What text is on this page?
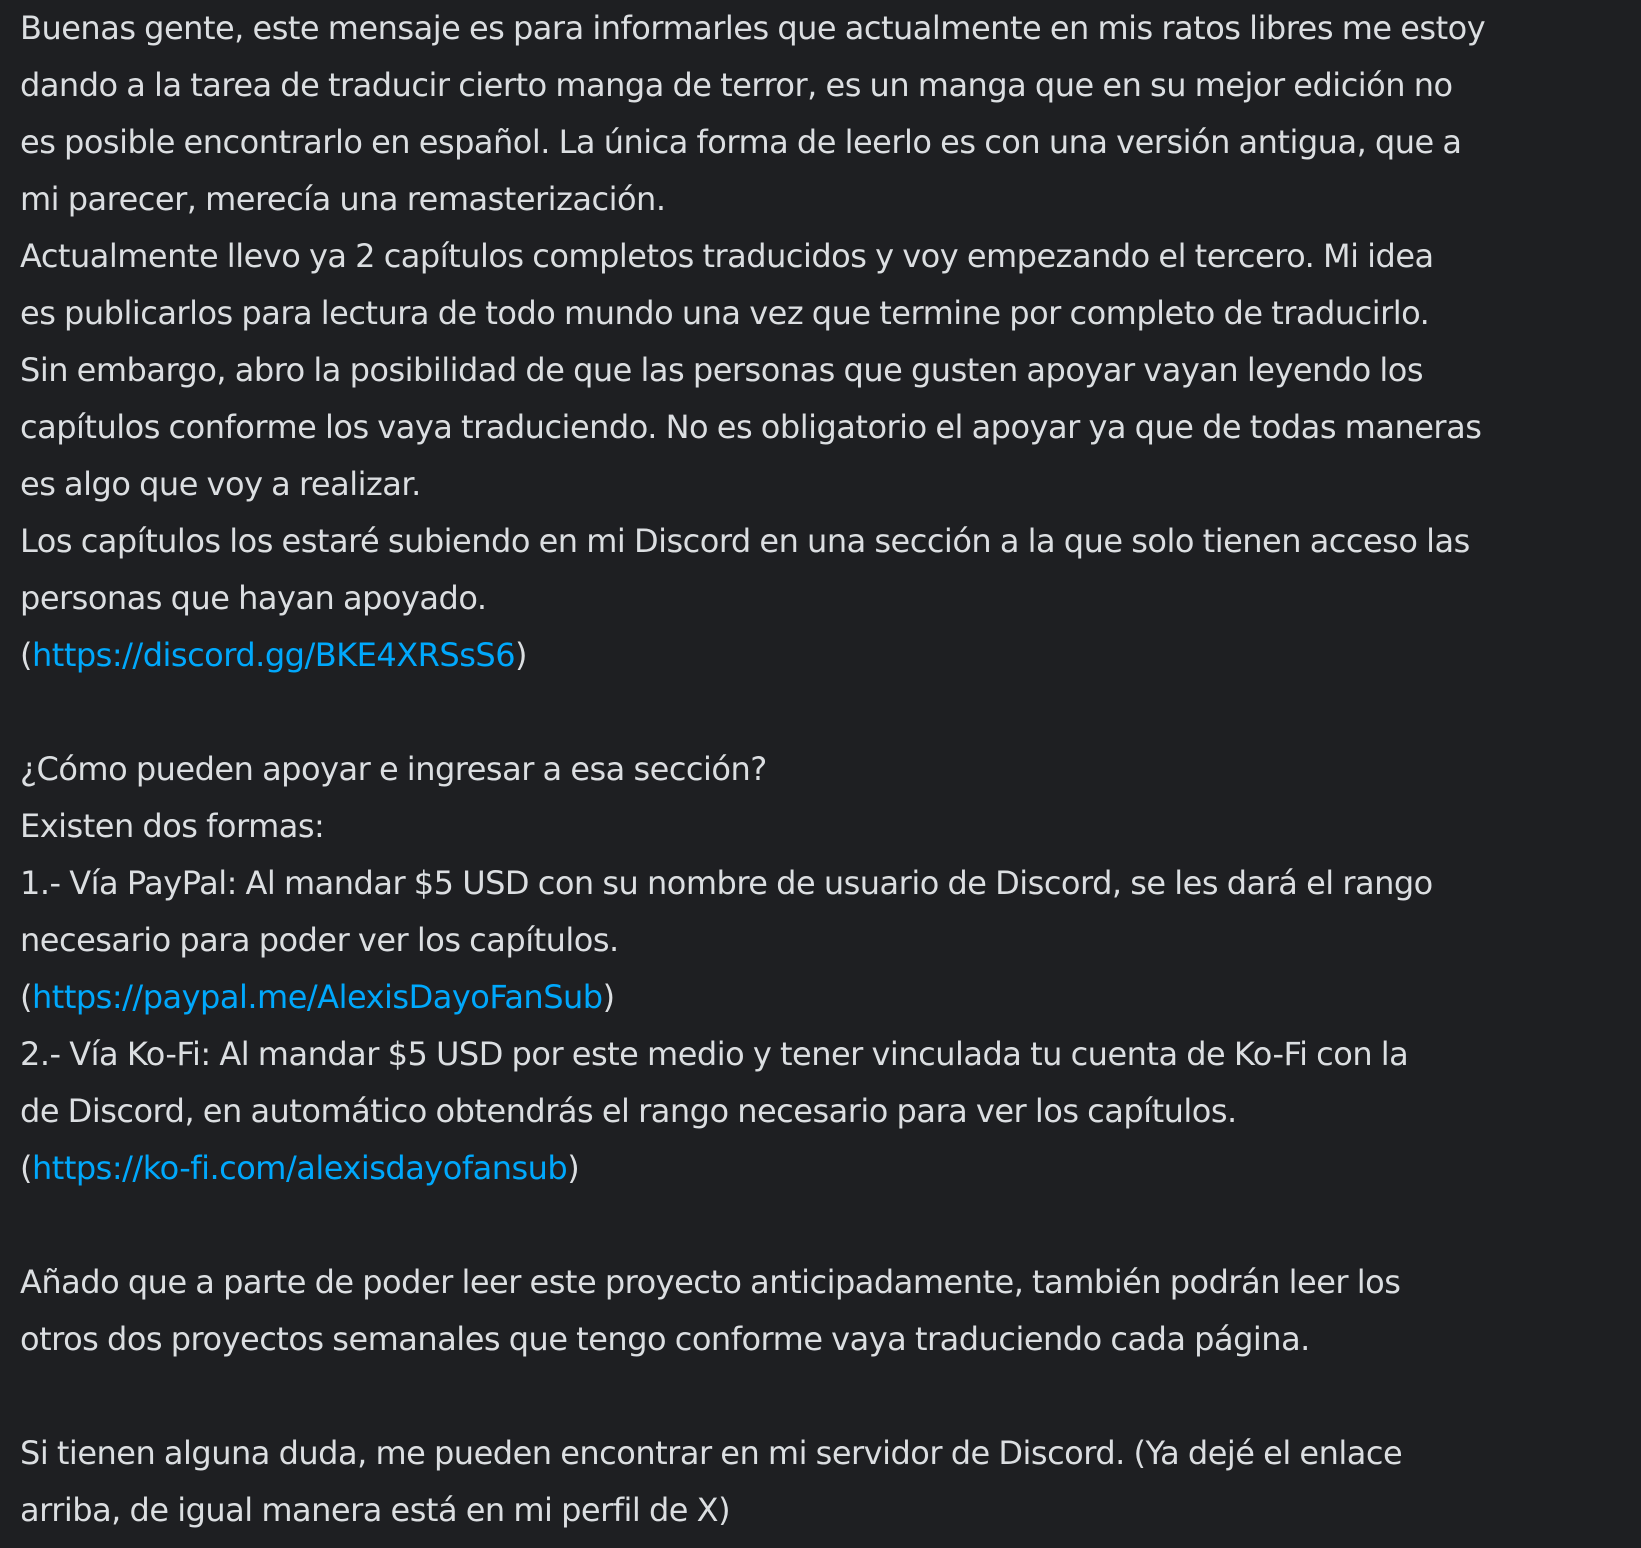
Buenas gente, este mensaje es para informarles que actualmente en mis ratos libres me estoy
dando a la tarea de traducir cierto manga de terror, es un manga que en su mejor edición no
es posible encontrarlo en español. La única forma de leerlo es con una versión antigua, que a
mi parecer, merecía una remasterización.
Actualmente llevo ya 2 capítulos completos traducidos y voy empezando el tercero. Mi idea
es publicarlos para lectura de todo mundo una vez que termine por completo de traducirlo.
Sin embargo, abro la posibilidad de que las personas que gusten apoyar vayan leyendo los
capítulos conforme los vaya traduciendo. No es obligatorio el apoyar ya que de todas maneras
es algo que voy a realizar.
Los capítulos los estaré subiendo en mi Discord en una sección a la que solo tienen acceso las
personas que hayan apoyado.
(https://discord.gg/BKE4XRSsS6)
¿Cómo pueden apoyar e ingresar a esa sección?
Existen dos formas:
1.- Vía PayPal: Al mandar $5 USD con su nombre de usuario de Discord, se les dará el rango
necesario para poder ver los capítulos.
(https://paypal.me/AlexisDayoFanSub)
2.- Vía Ko-Fi: Al mandar $5 USD por este medio y tener vinculada tu cuenta de Ko-Fi con la
de Discord, en automático obtendrás el rango necesario para ver los capítulos.
(https://ko-fi.com/alexisdayofansub)
Añado que a parte de poder leer este proyecto anticipadamente, también podrán leer los
otros dos proyectos semanales que tengo conforme vaya traduciendo cada página.
Si tienen alguna duda, me pueden encontrar en mi servidor de Discord. (Ya dejé el enlace
arriba, de igual manera está en mi perfil de X)
